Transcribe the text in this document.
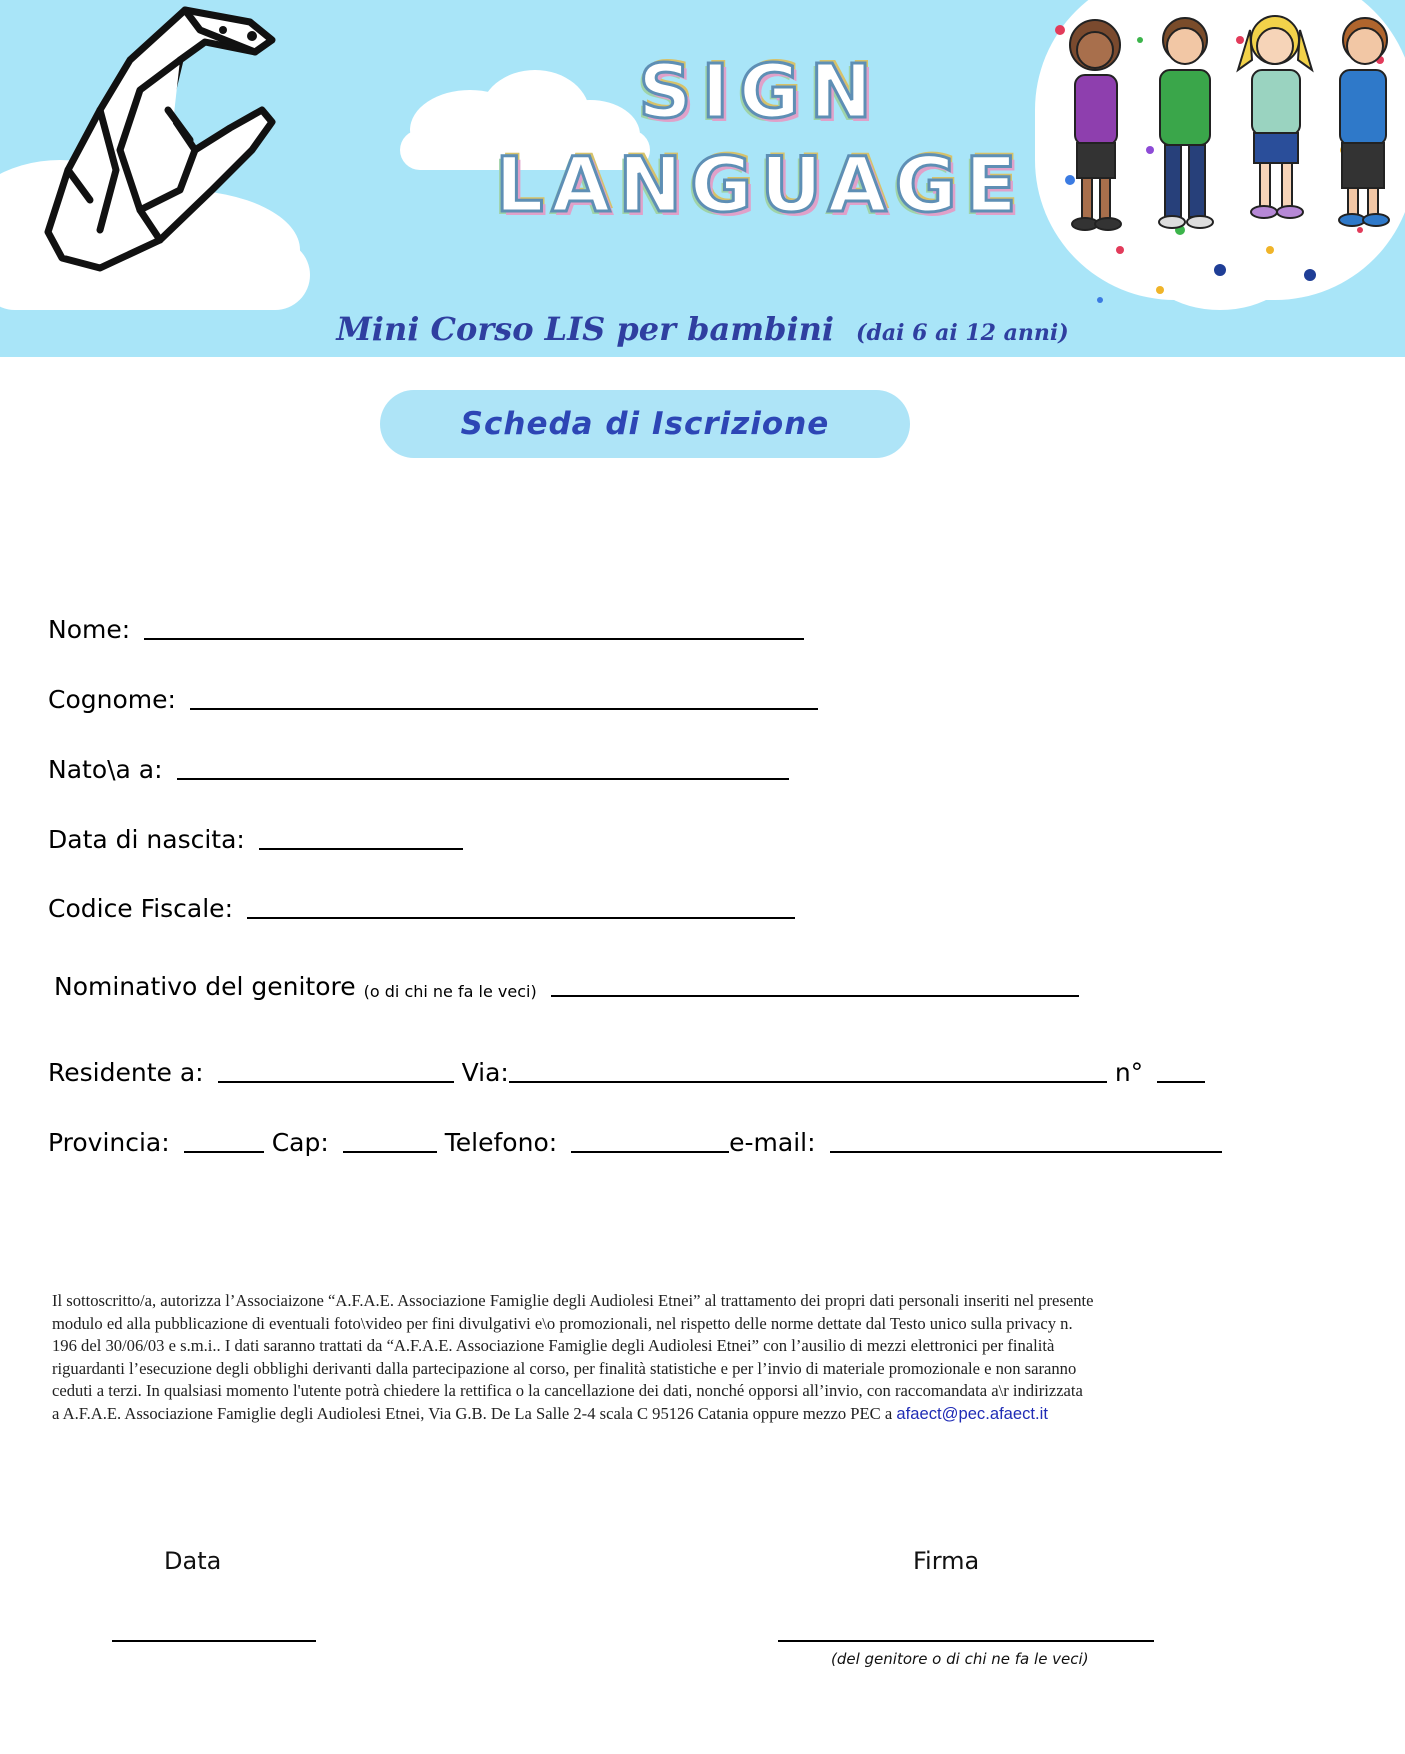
SIGN
LANGUAGE
Mini Corso LIS per bambini (dai 6 ai 12 anni)
Scheda di Iscrizione
Nome:
Cognome:
Nato\a a:
Data di nascita:
Codice Fiscale:
Nominativo del genitore (o di chi ne fa le veci)
Residente a:	Via:	n°
Provincia:	Cap:	Telefono:	e-mail:
Il sottoscritto/a, autorizza l’Associaizone “A.F.A.E. Associazione Famiglie degli Audiolesi Etnei” al trattamento dei propri dati personali inseriti nel presente
modulo ed alla pubblicazione di eventuali foto\video per fini divulgativi e\o promozionali, nel rispetto delle norme dettate dal Testo unico sulla privacy n.
196 del 30/06/03 e s.m.i.. I dati saranno trattati da “A.F.A.E. Associazione Famiglie degli Audiolesi Etnei” con l’ausilio di mezzi elettronici per finalità
riguardanti l’esecuzione degli obblighi derivanti dalla partecipazione al corso, per finalità statistiche e per l’invio di materiale promozionale e non saranno
ceduti a terzi. In qualsiasi momento l'utente potrà chiedere la rettifica o la cancellazione dei dati, nonché opporsi all’invio, con raccomandata a\r indirizzata
a A.F.A.E. Associazione Famiglie degli Audiolesi Etnei, Via G.B. De La Salle 2-4 scala C 95126 Catania oppure mezzo PEC a afaect@pec.afaect.it
Data	Firma
(del genitore o di chi ne fa le veci)
